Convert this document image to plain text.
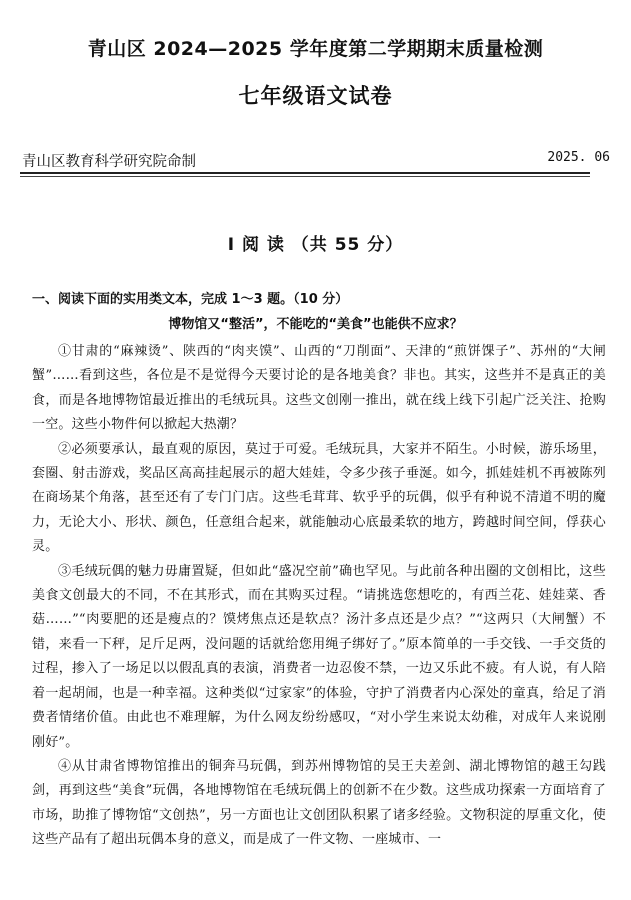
青山区 2024—2025 学年度第二学期期末质量检测
七年级语文试卷
青山区教育科学研究院命制	2025. 06
I 阅 读 （共 55 分）
一、阅读下面的实用类文本，完成 1～3 题。（10 分）
博物馆又“整活”，不能吃的“美食”也能供不应求？

①甘肃的“麻辣烫”、陕西的“肉夹馍”、山西的“刀削面”、天津的“煎饼馃子”、苏州的“大闸蟹”……看到这些，各位是不是觉得今天要讨论的是各地美食？非也。其实，这些并不是真正的美食，而是各地博物馆最近推出的毛绒玩具。这些文创刚一推出，就在线上线下引起广泛关注、抢购一空。这些小物件何以掀起大热潮？

②必须要承认，最直观的原因，莫过于可爱。毛绒玩具，大家并不陌生。小时候，游乐场里，套圈、射击游戏，奖品区高高挂起展示的超大娃娃，令多少孩子垂涎。如今，抓娃娃机不再被陈列在商场某个角落，甚至还有了专门门店。这些毛茸茸、软乎乎的玩偶，似乎有种说不清道不明的魔力，无论大小、形状、颜色，任意组合起来，就能触动心底最柔软的地方，跨越时间空间，俘获心灵。

③毛绒玩偶的魅力毋庸置疑，但如此“盛况空前”确也罕见。与此前各种出圈的文创相比，这些美食文创最大的不同，不在其形式，而在其购买过程。“请挑选您想吃的，有西兰花、娃娃菜、香菇……”“肉要肥的还是瘦点的？馍烤焦点还是软点？汤汁多点还是少点？”“这两只（大闸蟹）不错，来看一下秤，足斤足两，没问题的话就给您用绳子绑好了。”原本简单的一手交钱、一手交货的过程，掺入了一场足以以假乱真的表演，消费者一边忍俊不禁，一边又乐此不疲。有人说，有人陪着一起胡闹，也是一种幸福。这种类似“过家家”的体验，守护了消费者内心深处的童真，给足了消费者情绪价值。由此也不难理解，为什么网友纷纷感叹，“对小学生来说太幼稚，对成年人来说刚刚好”。

④从甘肃省博物馆推出的铜奔马玩偶，到苏州博物馆的吴王夫差剑、湖北博物馆的越王勾践剑，再到这些“美食”玩偶，各地博物馆在毛绒玩偶上的创新不在少数。这些成功探索一方面培育了市场，助推了博物馆“文创热”，另一方面也让文创团队积累了诸多经验。文物积淀的厚重文化，使这些产品有了超出玩偶本身的意义，而是成了一件文物、一座城市、一
